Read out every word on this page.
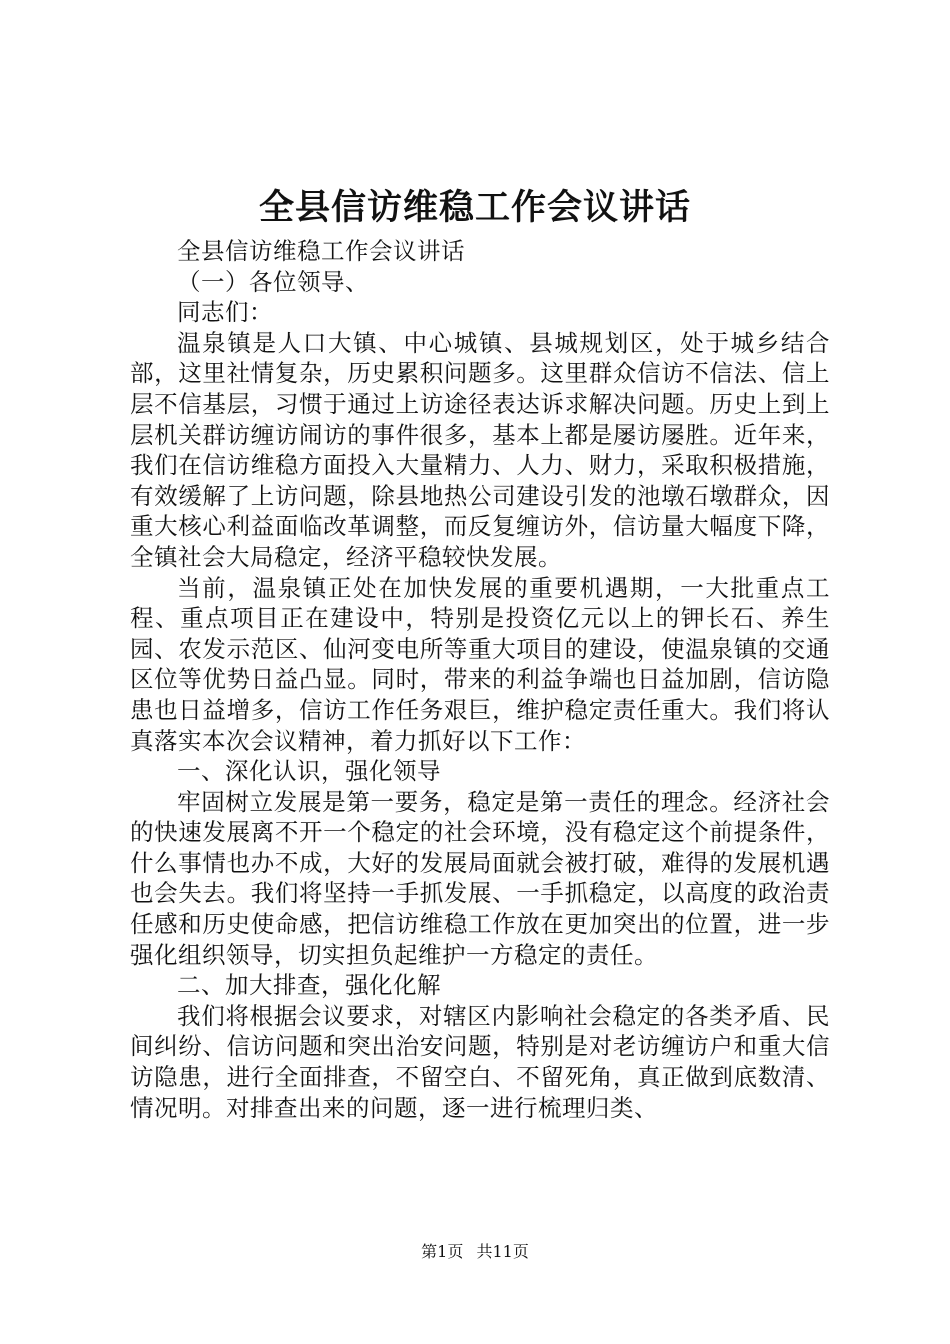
全县信访维稳工作会议讲话

全县信访维稳工作会议讲话

（一）各位领导、

同志们：

温泉镇是人口大镇、中心城镇、县城规划区，处于城乡结合部，这里社情复杂，历史累积问题多。这里群众信访不信法、信上层不信基层，习惯于通过上访途径表达诉求解决问题。历史上到上层机关群访缠访闹访的事件很多，基本上都是屡访屡胜。近年来，我们在信访维稳方面投入大量精力、人力、财力，采取积极措施，有效缓解了上访问题，除县地热公司建设引发的池墩石墩群众，因重大核心利益面临改革调整，而反复缠访外，信访量大幅度下降，全镇社会大局稳定，经济平稳较快发展。

当前，温泉镇正处在加快发展的重要机遇期，一大批重点工程、重点项目正在建设中，特别是投资亿元以上的钾长石、养生园、农发示范区、仙河变电所等重大项目的建设，使温泉镇的交通区位等优势日益凸显。同时，带来的利益争端也日益加剧，信访隐患也日益增多，信访工作任务艰巨，维护稳定责任重大。我们将认真落实本次会议精神，着力抓好以下工作：

一、深化认识，强化领导

牢固树立发展是第一要务，稳定是第一责任的理念。经济社会的快速发展离不开一个稳定的社会环境，没有稳定这个前提条件，什么事情也办不成，大好的发展局面就会被打破，难得的发展机遇也会失去。我们将坚持一手抓发展、一手抓稳定，以高度的政治责任感和历史使命感，把信访维稳工作放在更加突出的位置，进一步强化组织领导，切实担负起维护一方稳定的责任。

二、加大排查，强化化解

我们将根据会议要求，对辖区内影响社会稳定的各类矛盾、民间纠纷、信访问题和突出治安问题，特别是对老访缠访户和重大信访隐患，进行全面排查，不留空白、不留死角，真正做到底数清、情况明。对排查出来的问题，逐一进行梳理归类、

第1页 共11页
